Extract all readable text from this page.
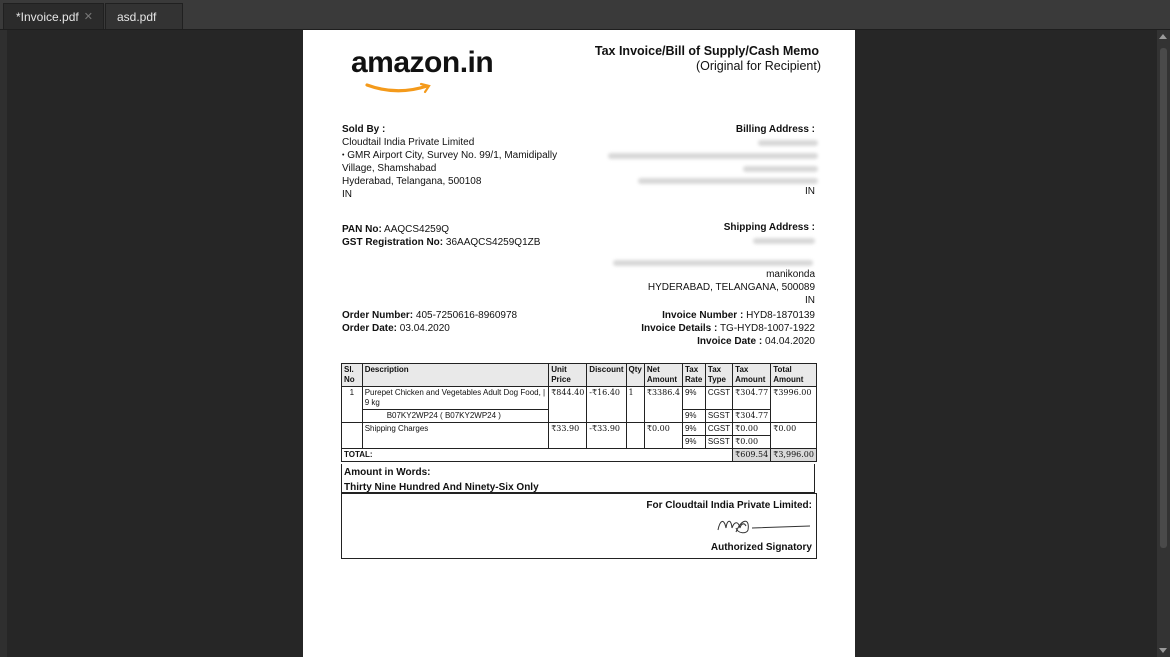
*Invoice.pdf ✕	asd.pdf
amazon.in	Tax Invoice/Bill of Supply/Cash Memo
(Original for Recipient)
Sold By :
Cloudtail India Private Limited
• GMR Airport City, Survey No. 99/1, Mamidipally
Village, Shamshabad
Hyderabad, Telangana, 500108
IN
Billing Address :
IN
PAN No: AAQCS4259Q
GST Registration No: 36AAQCS4259Q1ZB
Shipping Address :
manikonda
HYDERABAD, TELANGANA, 500089
IN
Order Number: 405-7250616-8960978
Order Date: 03.04.2020
Invoice Number : HYD8-1870139
Invoice Details : TG-HYD8-1007-1922
Invoice Date : 04.04.2020
Sl. No	Description	Unit Price	Discount	Qty	Net Amount	Tax Rate	Tax Type	Tax Amount	Total Amount
1	Purepet Chicken and Vegetables Adult Dog Food, | 9 kg	₹844.40	-₹16.40	1	₹3386.4	9%	CGST	₹304.77	₹3996.00
	B07KY2WP24 ( B07KY2WP24 )					9%	SGST	₹304.77	
	Shipping Charges	₹33.90	-₹33.90		₹0.00	9%	CGST	₹0.00	₹0.00
						9%	SGST	₹0.00	
TOTAL:								₹609.54	₹3,996.00
Amount in Words:
Thirty Nine Hundred And Ninety-Six Only
For Cloudtail India Private Limited:
Authorized Signatory
